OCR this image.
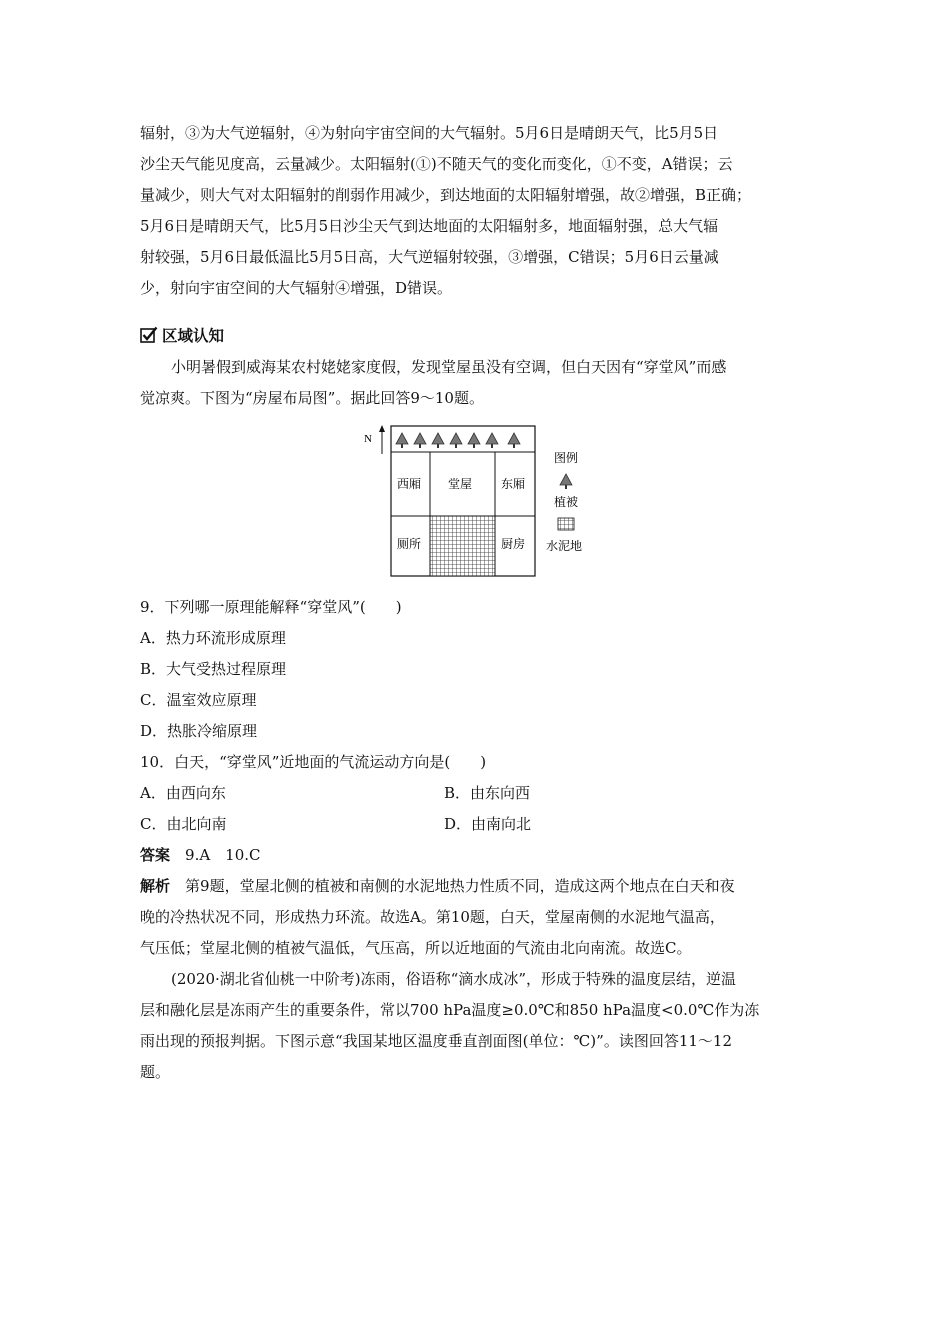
辐射，③为大气逆辐射，④为射向宇宙空间的大气辐射。5月6日是晴朗天气，比5月5日

沙尘天气能见度高，云量减少。太阳辐射(①)不随天气的变化而变化，①不变，A错误；云

量减少，则大气对太阳辐射的削弱作用减少，到达地面的太阳辐射增强，故②增强，B正确；

5月6日是晴朗天气，比5月5日沙尘天气到达地面的太阳辐射多，地面辐射强，总大气辐

射较强，5月6日最低温比5月5日高，大气逆辐射较强，③增强，C错误；5月6日云量减

少，射向宇宙空间的大气辐射④增强，D错误。

区域认知

小明暑假到威海某农村姥姥家度假，发现堂屋虽没有空调，但白天因有“穿堂风”而感

觉凉爽。下图为“房屋布局图”。据此回答9～10题。

N
西厢 堂屋 东厢
厕所	厨房
图例
植被
水泥地

9．下列哪一原理能解释“穿堂风”(　　)

A．热力环流形成原理

B．大气受热过程原理

C．温室效应原理

D．热胀冷缩原理

10．白天，“穿堂风”近地面的气流运动方向是(　　)

A．由西向东	B．由东向西

C．由北向南	D．由南向北

答案　 9.A　10.C

解析　 第9题，堂屋北侧的植被和南侧的水泥地热力性质不同，造成这两个地点在白天和夜

晚的冷热状况不同，形成热力环流。故选A。第10题，白天，堂屋南侧的水泥地气温高，

气压低；堂屋北侧的植被气温低，气压高，所以近地面的气流由北向南流。故选C。

(2020·湖北省仙桃一中阶考)冻雨，俗语称“滴水成冰”，形成于特殊的温度层结，逆温

层和融化层是冻雨产生的重要条件，常以700 hPa温度≥0.0℃和850 hPa温度<0.0℃作为冻

雨出现的预报判据。下图示意“我国某地区温度垂直剖面图(单位：℃)”。读图回答11～12

题。
